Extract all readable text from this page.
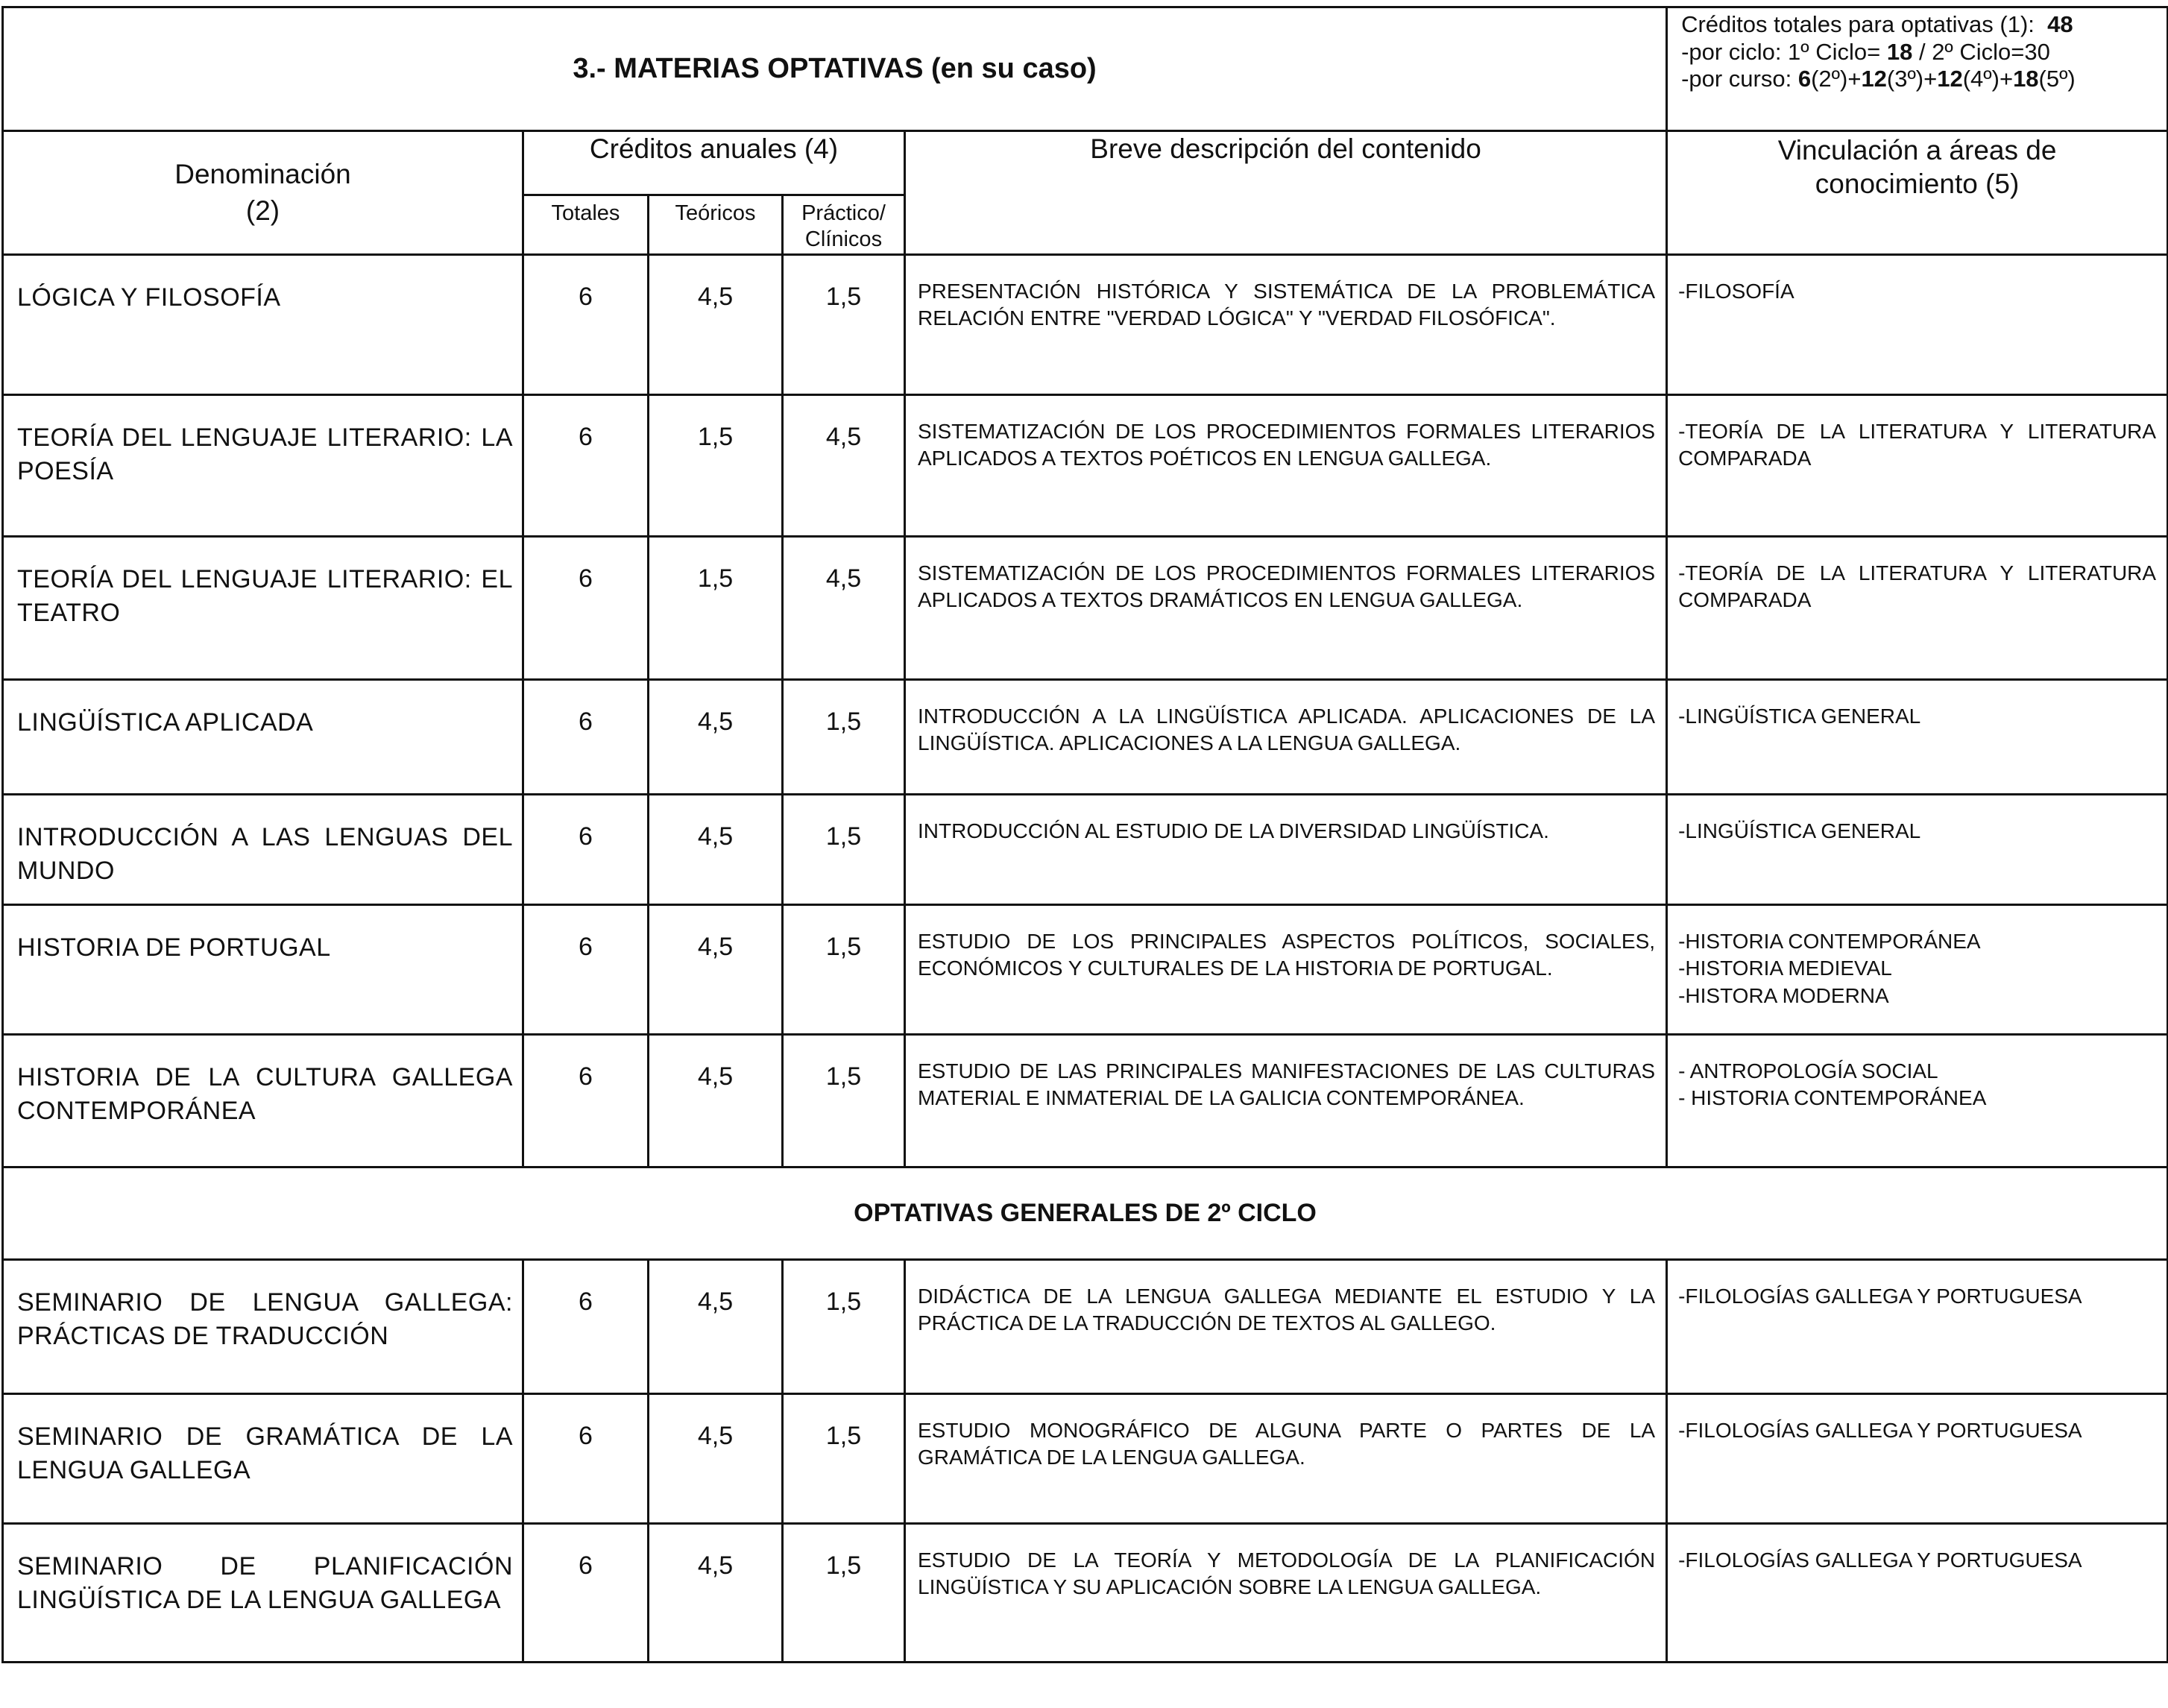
3.- MATERIAS OPTATIVAS (en su caso)					Créditos totales para optativas (1): 48
-por ciclo: 1º Ciclo= 18 / 2º Ciclo=30
-por curso: 6(2º)+12(3º)+12(4º)+18(5º)

Denominación
(2)	Créditos anuales (4)			Breve descripción del contenido	Vinculación a áreas de
conocimiento (5)

	Totales	Teóricos	Práctico/
Clínicos		

LÓGICA Y FILOSOFÍA	6	4,5	1,5	PRESENTACIÓN HISTÓRICA Y SISTEMÁTICA DE LA PROBLEMÁTICA RELACIÓN ENTRE "VERDAD LÓGICA" Y "VERDAD FILOSÓFICA".	-FILOSOFÍA

TEORÍA DEL LENGUAJE LITERARIO: LA POESÍA	6	1,5	4,5	SISTEMATIZACIÓN DE LOS PROCEDIMIENTOS FORMALES LITERARIOS APLICADOS A TEXTOS POÉTICOS EN LENGUA GALLEGA.	-TEORÍA DE LA LITERATURA Y LITERATURA COMPARADA

TEORÍA DEL LENGUAJE LITERARIO: EL TEATRO	6	1,5	4,5	SISTEMATIZACIÓN DE LOS PROCEDIMIENTOS FORMALES LITERARIOS APLICADOS A TEXTOS DRAMÁTICOS EN LENGUA GALLEGA.	-TEORÍA DE LA LITERATURA Y LITERATURA COMPARADA

LINGÜÍSTICA APLICADA	6	4,5	1,5	INTRODUCCIÓN A LA LINGÜÍSTICA APLICADA. APLICACIONES DE LA LINGÜÍSTICA. APLICACIONES A LA LENGUA GALLEGA.	-LINGÜÍSTICA GENERAL

INTRODUCCIÓN A LAS LENGUAS DEL MUNDO	6	4,5	1,5	INTRODUCCIÓN AL ESTUDIO DE LA DIVERSIDAD LINGÜÍSTICA.	-LINGÜÍSTICA GENERAL

HISTORIA DE PORTUGAL	6	4,5	1,5	ESTUDIO DE LOS PRINCIPALES ASPECTOS POLÍTICOS, SOCIALES, ECONÓMICOS Y CULTURALES DE LA HISTORIA DE PORTUGAL.	-HISTORIA CONTEMPORÁNEA
-HISTORIA MEDIEVAL
-HISTORA MODERNA

HISTORIA DE LA CULTURA GALLEGA CONTEMPORÁNEA	6	4,5	1,5	ESTUDIO DE LAS PRINCIPALES MANIFESTACIONES DE LAS CULTURAS MATERIAL E INMATERIAL DE LA GALICIA CONTEMPORÁNEA.	- ANTROPOLOGÍA SOCIAL
- HISTORIA CONTEMPORÁNEA

OPTATIVAS GENERALES DE 2º CICLO					
SEMINARIO DE LENGUA GALLEGA: PRÁCTICAS DE TRADUCCIÓN	6	4,5	1,5	DIDÁCTICA DE LA LENGUA GALLEGA MEDIANTE EL ESTUDIO Y LA PRÁCTICA DE LA TRADUCCIÓN DE TEXTOS AL GALLEGO.	-FILOLOGÍAS GALLEGA Y PORTUGUESA

SEMINARIO DE GRAMÁTICA DE LA LENGUA GALLEGA	6	4,5	1,5	ESTUDIO MONOGRÁFICO DE ALGUNA PARTE O PARTES DE LA GRAMÁTICA DE LA LENGUA GALLEGA.	-FILOLOGÍAS GALLEGA Y PORTUGUESA

SEMINARIO DE PLANIFICACIÓN LINGÜÍSTICA DE LA LENGUA GALLEGA	6	4,5	1,5	ESTUDIO DE LA TEORÍA Y METODOLOGÍA DE LA PLANIFICACIÓN LINGÜÍSTICA Y SU APLICACIÓN SOBRE LA LENGUA GALLEGA.	-FILOLOGÍAS GALLEGA Y PORTUGUESA
